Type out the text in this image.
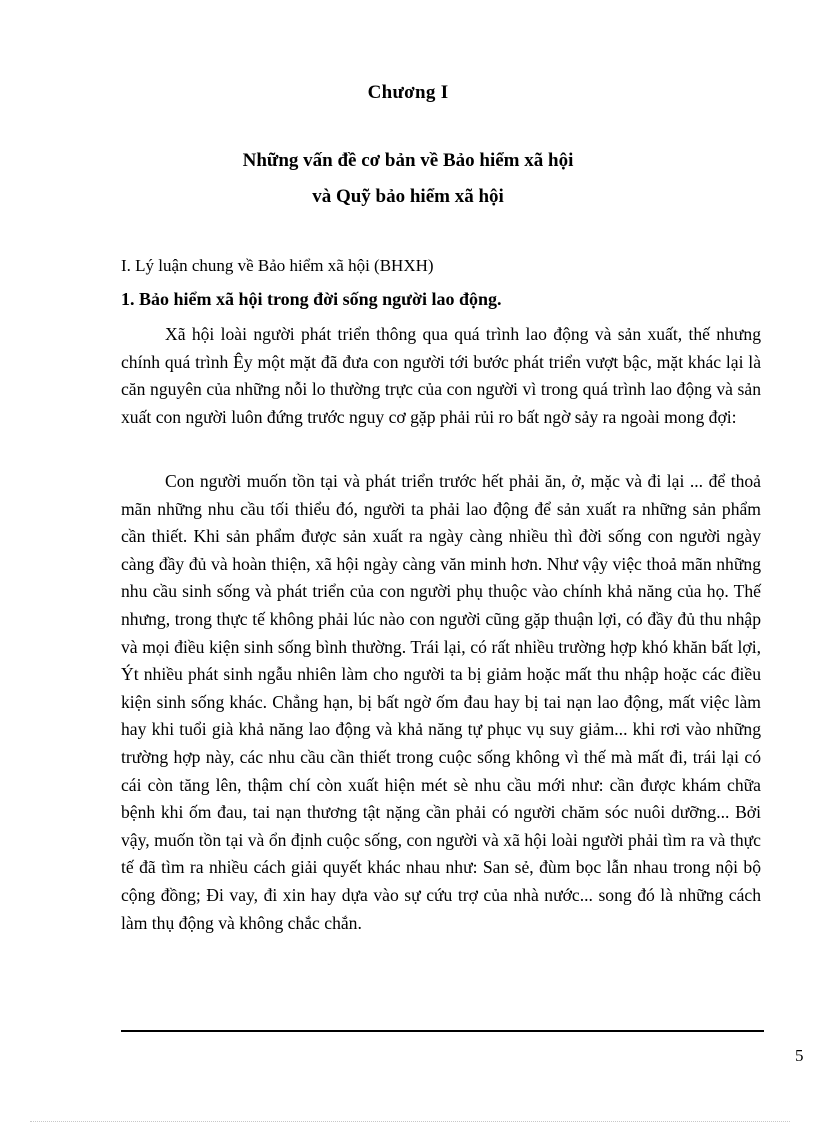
Chương I
Những vấn đề cơ bản về Bảo hiểm xã hội
và Quỹ bảo hiểm xã hội
I. Lý luận chung về Bảo hiểm xã hội (BHXH)
1. Bảo hiểm xã hội trong đời sống người lao động.

Xã hội loài người phát triển thông qua quá trình lao động và sản xuất, thế nhưng chính quá trình Êy một mặt đã đưa con người tới bước phát triển vượt bậc, mặt khác lại là căn nguyên của những nỗi lo thường trực của con người vì trong quá trình lao động và sản xuất con người luôn đứng trước nguy cơ gặp phải rủi ro bất ngờ sảy ra ngoài mong đợi:

Con người muốn tồn tại và phát triển trước hết phải ăn, ở, mặc và đi lại ... để thoả mãn những nhu cầu tối thiểu đó, người ta phải lao động để sản xuất ra những sản phẩm cần thiết. Khi sản phẩm được sản xuất ra ngày càng nhiều thì đời sống con người ngày càng đầy đủ và hoàn thiện, xã hội ngày càng văn minh hơn. Như vậy việc thoả mãn những nhu cầu sinh sống và phát triển của con người phụ thuộc vào chính khả năng của họ. Thế nhưng, trong thực tế không phải lúc nào con người cũng gặp thuận lợi, có đầy đủ thu nhập và mọi điều kiện sinh sống bình thường. Trái lại, có rất nhiều trường hợp khó khăn bất lợi, Ýt nhiều phát sinh ngẫu nhiên làm cho người ta bị giảm hoặc mất thu nhập hoặc các điều kiện sinh sống khác. Chẳng hạn, bị bất ngờ ốm đau hay bị tai nạn lao động, mất việc làm hay khi tuổi già khả năng lao động và khả năng tự phục vụ suy giảm... khi rơi vào những trường hợp này, các nhu cầu cần thiết trong cuộc sống không vì thế mà mất đi, trái lại có cái còn tăng lên, thậm chí còn xuất hiện mét sè nhu cầu mới như: cần được khám chữa bệnh khi ốm đau, tai nạn thương tật nặng cần phải có người chăm sóc nuôi dưỡng... Bởi vậy, muốn tồn tại và ổn định cuộc sống, con người và xã hội loài người phải tìm ra và thực tế đã tìm ra nhiều cách giải quyết khác nhau như: San sẻ, đùm bọc lẫn nhau trong nội bộ cộng đồng; Đi vay, đi xin hay dựa vào sự cứu trợ của nhà nước... song đó là những cách làm thụ động và không chắc chắn.

5
